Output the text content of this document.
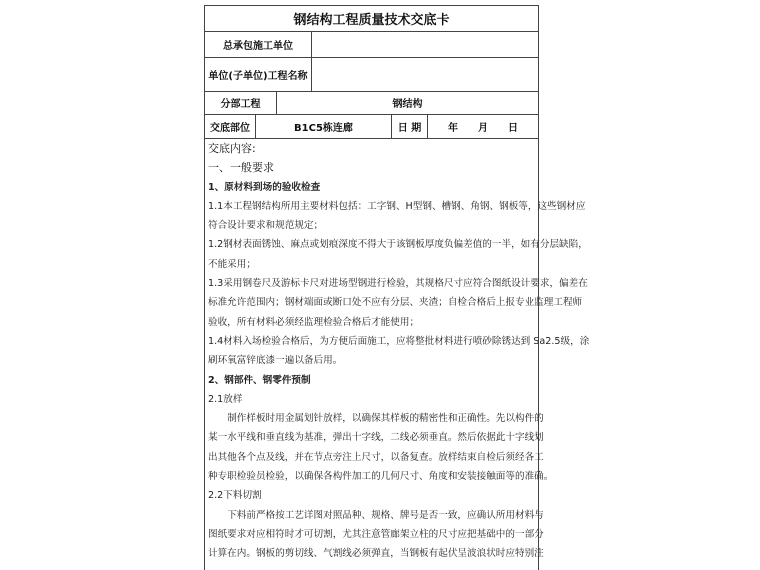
钢结构工程质量技术交底卡
总承包施工单位
单位(子单位)工程名称
分部工程	钢结构
交底部位	B1C5栋连廊	日 期	年　　月　　日
交底内容:
一、一般要求
1、原材料到场的验收检查
1.1本工程钢结构所用主要材料包括：工字钢、H型钢、槽钢、角钢、钢板等，这些钢材应
符合设计要求和规范规定；
1.2钢材表面锈蚀、麻点或划痕深度不得大于该钢板厚度负偏差值的一半，如有分层缺陷，
不能采用；
1.3采用钢卷尺及游标卡尺对进场型钢进行检验，其规格尺寸应符合图纸设计要求，偏差在
标准允许范围内；钢材端面或断口处不应有分层、夹渣；自检合格后上报专业监理工程师
验收，所有材料必须经监理检验合格后才能使用；
1.4材料入场检验合格后，为方便后面施工，应将整批材料进行喷砂除锈达到 Sa2.5级，涂
刷环氧富锌底漆一遍以备后用。
2、钢部件、钢零件预制
2.1放样
制作样板时用金属划针放样，以确保其样板的精密性和正确性。先以构件的
某一水平线和垂直线为基准，弹出十字线，二线必须垂直。然后依据此十字线划
出其他各个点及线，并在节点旁注上尺寸，以备复查。放样结束自检后须经各工
种专职检验员检验，以确保各构件加工的几何尺寸、角度和安装接触面等的准确。
2.2下料切割
下料前严格按工艺详图对照品种、规格、牌号是否一致，应确认所用材料与
图纸要求对应相符时才可切割，尤其注意管廊架立柱的尺寸应把基础中的一部分
计算在内。钢板的剪切线、气割线必须弹直，当钢板有起伏呈波浪状时应特别注
